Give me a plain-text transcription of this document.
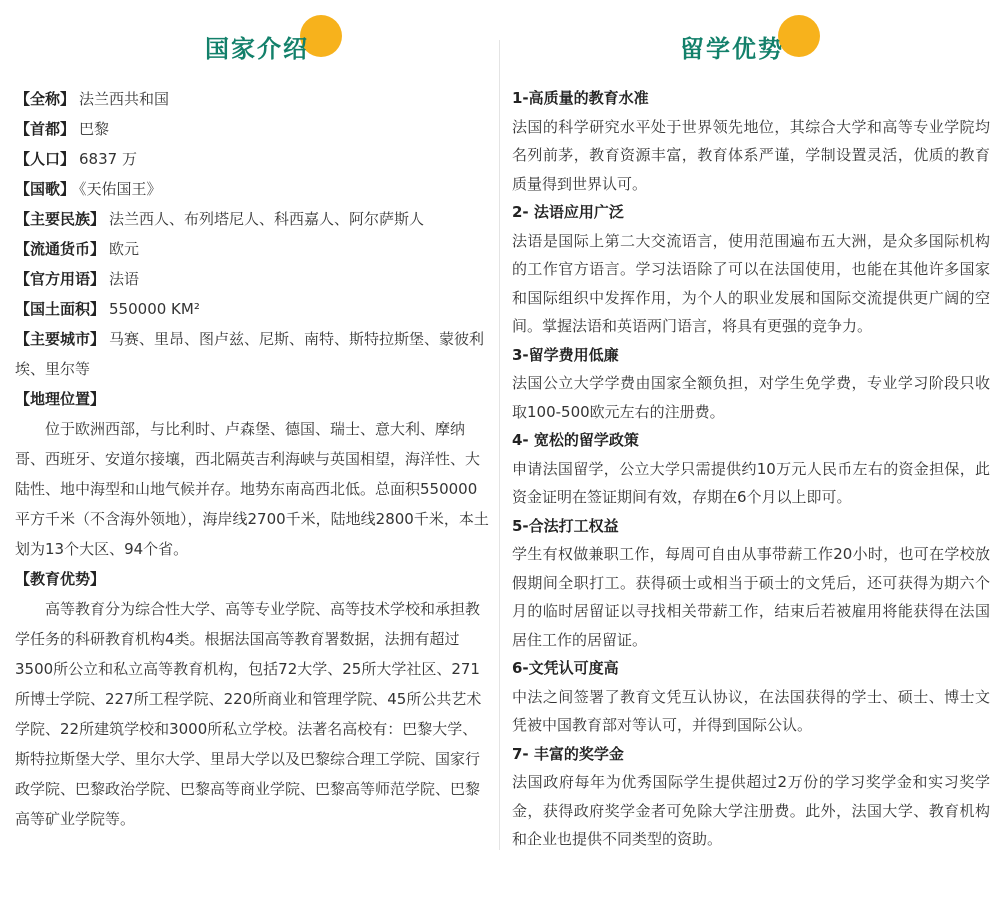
国家介绍

【全称】 法兰西共和国

【首都】 巴黎

【人口】 6837 万

【国歌】 《天佑国王》

【主要民族】 法兰西人、布列塔尼人、科西嘉人、阿尔萨斯人

【流通货币】 欧元

【官方用语】 法语

【国土面积】 550000 KM²

【主要城市】 马赛、里昂、图卢兹、尼斯、南特、斯特拉斯堡、蒙彼利埃、里尔等

【地理位置】

位于欧洲西部，与比利时、卢森堡、德国、瑞士、意大利、摩纳哥、西班牙、安道尔接壤，西北隔英吉利海峡与英国相望，海洋性、大陆性、地中海型和山地气候并存。地势东南高西北低。总面积550000平方千米（不含海外领地），海岸线2700千米，陆地线2800千米，本土划为13个大区、94个省。

【教育优势】

高等教育分为综合性大学、高等专业学院、高等技术学校和承担教学任务的科研教育机构4类。根据法国高等教育署数据，法拥有超过3500所公立和私立高等教育机构，包括72大学、25所大学社区、271所博士学院、227所工程学院、220所商业和管理学院、45所公共艺术学院、22所建筑学校和3000所私立学校。法著名高校有：巴黎大学、斯特拉斯堡大学、里尔大学、里昂大学以及巴黎综合理工学院、国家行政学院、巴黎政治学院、巴黎高等商业学院、巴黎高等师范学院、巴黎高等矿业学院等。

留学优势

1-高质量的教育水准

法国的科学研究水平处于世界领先地位，其综合大学和高等专业学院均名列前茅，教育资源丰富，教育体系严谨，学制设置灵活，优质的教育质量得到世界认可。

2- 法语应用广泛

法语是国际上第二大交流语言，使用范围遍布五大洲，是众多国际机构的工作官方语言。学习法语除了可以在法国使用，也能在其他许多国家和国际组织中发挥作用，为个人的职业发展和国际交流提供更广阔的空间。掌握法语和英语两门语言，将具有更强的竞争力。

3-留学费用低廉

法国公立大学学费由国家全额负担，对学生免学费，专业学习阶段只收取100-500欧元左右的注册费。

4- 宽松的留学政策

申请法国留学，公立大学只需提供约10万元人民币左右的资金担保，此资金证明在签证期间有效，存期在6个月以上即可。

5-合法打工权益

学生有权做兼职工作，每周可自由从事带薪工作20小时，也可在学校放假期间全职打工。获得硕士或相当于硕士的文凭后，还可获得为期六个月的临时居留证以寻找相关带薪工作，结束后若被雇用将能获得在法国居住工作的居留证。

6-文凭认可度高

中法之间签署了教育文凭互认协议，在法国获得的学士、硕士、博士文凭被中国教育部对等认可，并得到国际公认。

7- 丰富的奖学金

法国政府每年为优秀国际学生提供超过2万份的学习奖学金和实习奖学金，获得政府奖学金者可免除大学注册费。此外，法国大学、教育机构和企业也提供不同类型的资助。
